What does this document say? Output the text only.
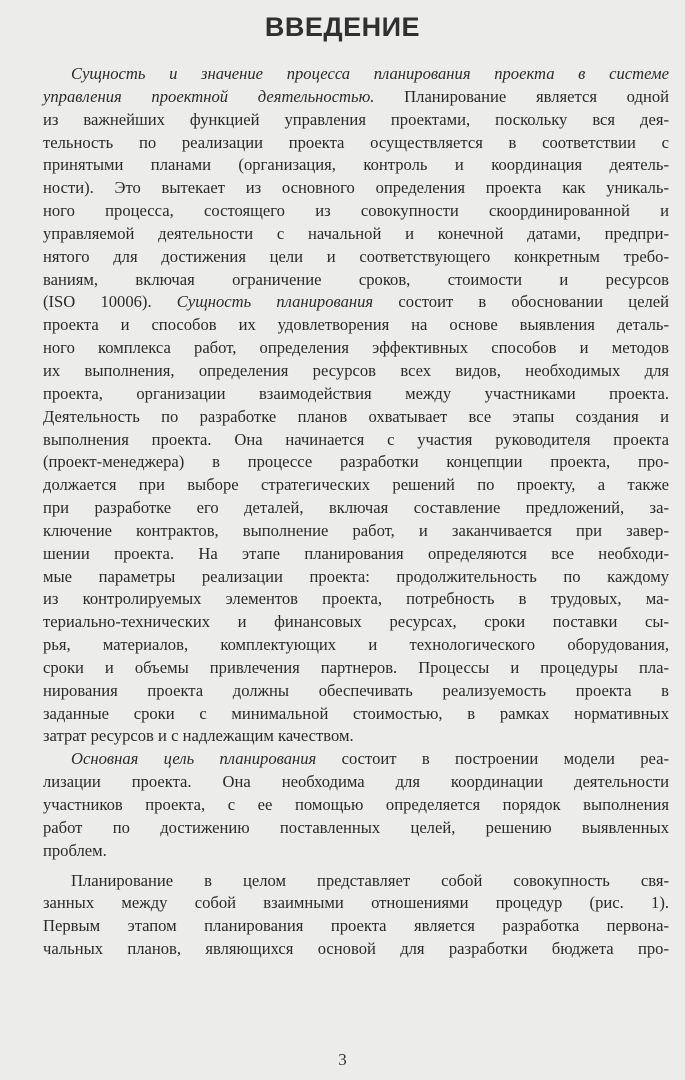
ВВЕДЕНИЕ
Сущность и значение процесса планирования проекта в системе
управления проектной деятельностью. Планирование является одной
из важнейших функцией управления проектами, поскольку вся дея-
тельность по реализации проекта осуществляется в соответствии с
принятыми планами (организация, контроль и координация деятель-
ности). Это вытекает из основного определения проекта как уникаль-
ного процесса, состоящего из совокупности скоординированной и
управляемой деятельности с начальной и конечной датами, предпри-
нятого для достижения цели и соответствующего конкретным требо-
ваниям, включая ограничение сроков, стоимости и ресурсов
(ISO 10006). Сущность планирования состоит в обосновании целей
проекта и способов их удовлетворения на основе выявления деталь-
ного комплекса работ, определения эффективных способов и методов
их выполнения, определения ресурсов всех видов, необходимых для
проекта, организации взаимодействия между участниками проекта.
Деятельность по разработке планов охватывает все этапы создания и
выполнения проекта. Она начинается с участия руководителя проекта
(проект-менеджера) в процессе разработки концепции проекта, про-
должается при выборе стратегических решений по проекту, а также
при разработке его деталей, включая составление предложений, за-
ключение контрактов, выполнение работ, и заканчивается при завер-
шении проекта. На этапе планирования определяются все необходи-
мые параметры реализации проекта: продолжительность по каждому
из контролируемых элементов проекта, потребность в трудовых, ма-
териально-технических и финансовых ресурсах, сроки поставки сы-
рья, материалов, комплектующих и технологического оборудования,
сроки и объемы привлечения партнеров. Процессы и процедуры пла-
нирования проекта должны обеспечивать реализуемость проекта в
заданные сроки с минимальной стоимостью, в рамках нормативных
затрат ресурсов и с надлежащим качеством.
Основная цель планирования состоит в построении модели реа-
лизации проекта. Она необходима для координации деятельности
участников проекта, с ее помощью определяется порядок выполнения
работ по достижению поставленных целей, решению выявленных
проблем.
Планирование в целом представляет собой совокупность свя-
занных между собой взаимными отношениями процедур (рис. 1).
Первым этапом планирования проекта является разработка первона-
чальных планов, являющихся основой для разработки бюджета про-
3
